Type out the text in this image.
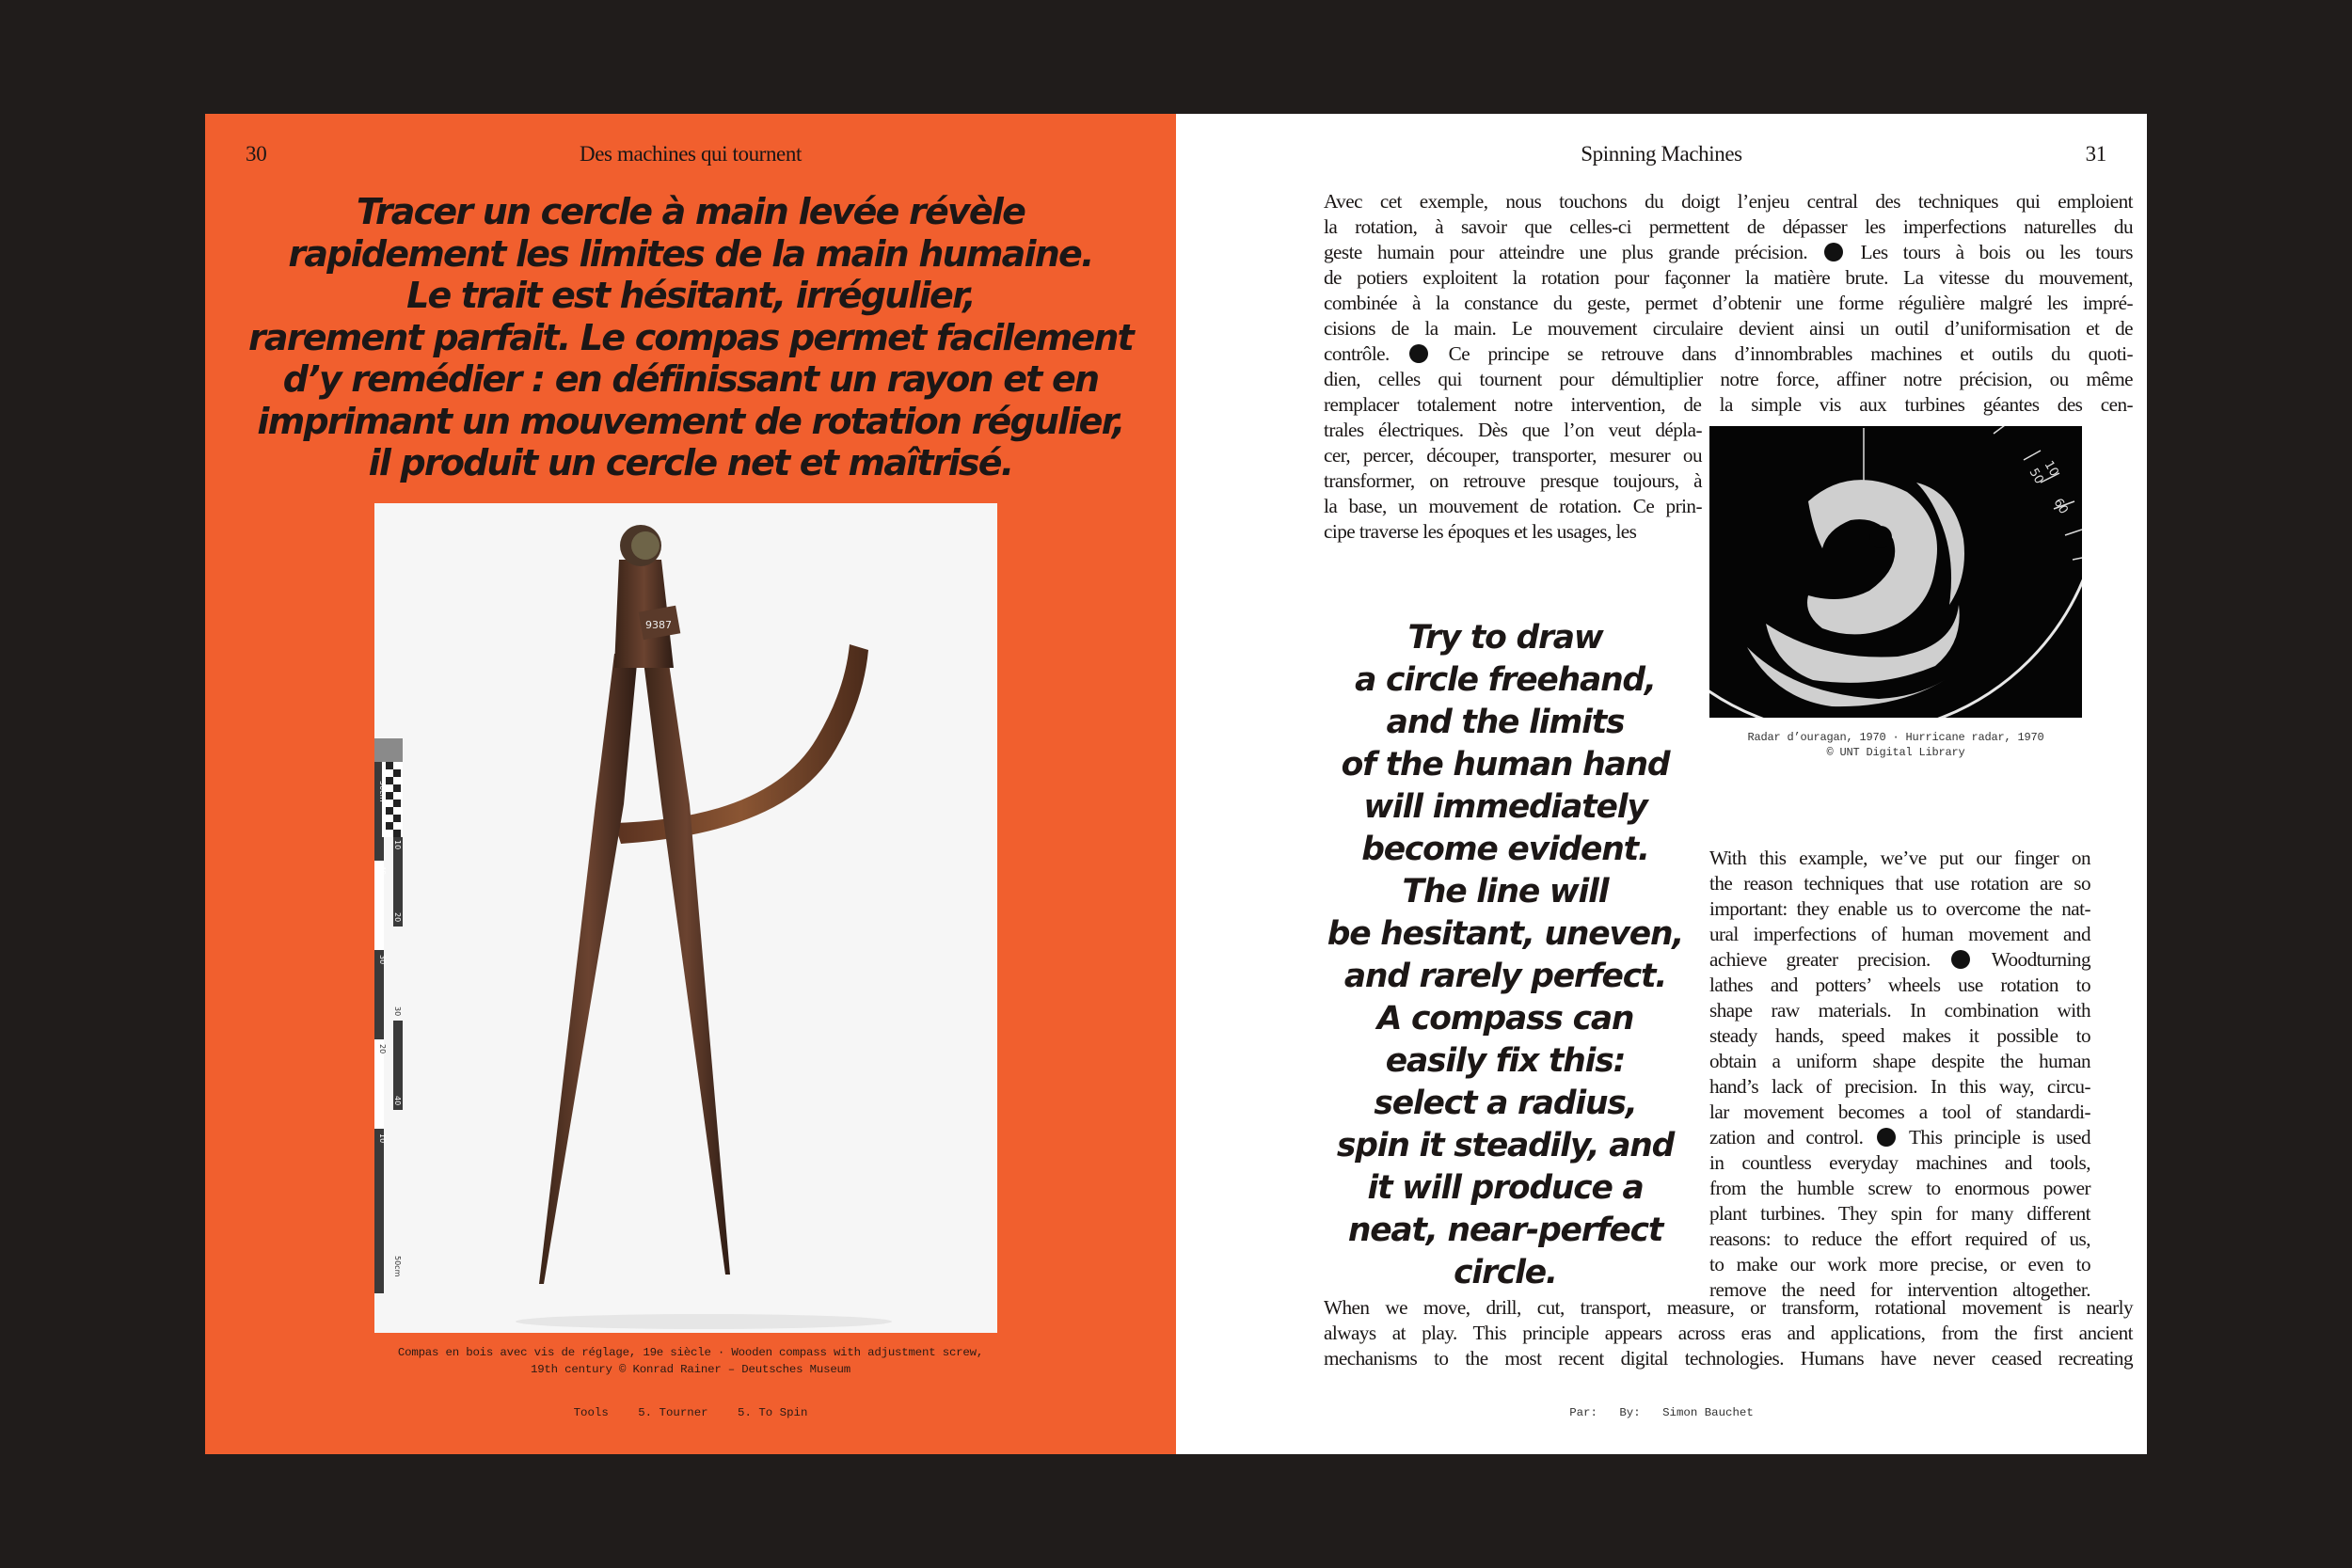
30	Des machines qui tournent
Tracer un cercle à main levée révèle
rapidement les limites de la main humaine.
Le trait est hésitant, irrégulier,
rarement parfait. Le compas permet facilement
d’y remédier : en définissant un rayon et en
imprimant un mouvement de rotation régulier,
il produit un cercle net et maîtrisé.
50cm
40
30
20
10
10
20
30
40
50cm
9387
Compas en bois avec vis de réglage, 19e siècle · Wooden compass with adjustment screw,
19th century © Konrad Rainer – Deutsches Museum
Tools	5. Tourner	5. To Spin
Spinning Machines	31
Avec cet exemple, nous touchons du doigt l’enjeu central des techniques qui emploient
la rotation, à savoir que celles-ci permettent de dépasser les imperfections naturelles du
geste humain pour atteindre une plus grande précision.  Les tours à bois ou les tours
de potiers exploitent la rotation pour façonner la matière brute. La vitesse du mouvement,
combinée à la constance du geste, permet d’obtenir une forme régulière malgré les impré-
cisions de la main. Le mouvement circulaire devient ainsi un outil d’uniformisation et de
contrôle.  Ce principe se retrouve dans d’innombrables machines et outils du quoti-
dien, celles qui tournent pour démultiplier notre force, affiner notre précision, ou même
remplacer totalement notre intervention, de la simple vis aux turbines géantes des cen-
trales électriques. Dès que l’on veut dépla-
cer, percer, découper, transporter, mesurer ou
transformer, on retrouve presque toujours, à
la base, un mouvement de rotation. Ce prin-
cipe traverse les époques et les usages, les
10
50
60
Radar d’ouragan, 1970 · Hurricane radar, 1970
© UNT Digital Library
Try to draw
a circle freehand,
and the limits
of the human hand
will immediately
become evident.
The line will
be hesitant, uneven,
and rarely perfect.
A compass can
easily fix this:
select a radius,
spin it steadily, and
it will produce a
neat, near-perfect
circle.
With this example, we’ve put our finger on
the reason techniques that use rotation are so
important: they enable us to overcome the nat-
ural imperfections of human movement and
achieve greater precision.  Woodturning
lathes and potters’ wheels use rotation to
shape raw materials. In combination with
steady hands, speed makes it possible to
obtain a uniform shape despite the human
hand’s lack of precision. In this way, circu-
lar movement becomes a tool of standardi-
zation and control.  This principle is used
in countless everyday machines and tools,
from the humble screw to enormous power
plant turbines. They spin for many different
reasons: to reduce the effort required of us,
to make our work more precise, or even to
remove the need for intervention altogether.
When we move, drill, cut, transport, measure, or transform, rotational movement is nearly
always at play. This principle appears across eras and applications, from the first ancient
mechanisms to the most recent digital technologies. Humans have never ceased recreating
Par: By: Simon Bauchet
